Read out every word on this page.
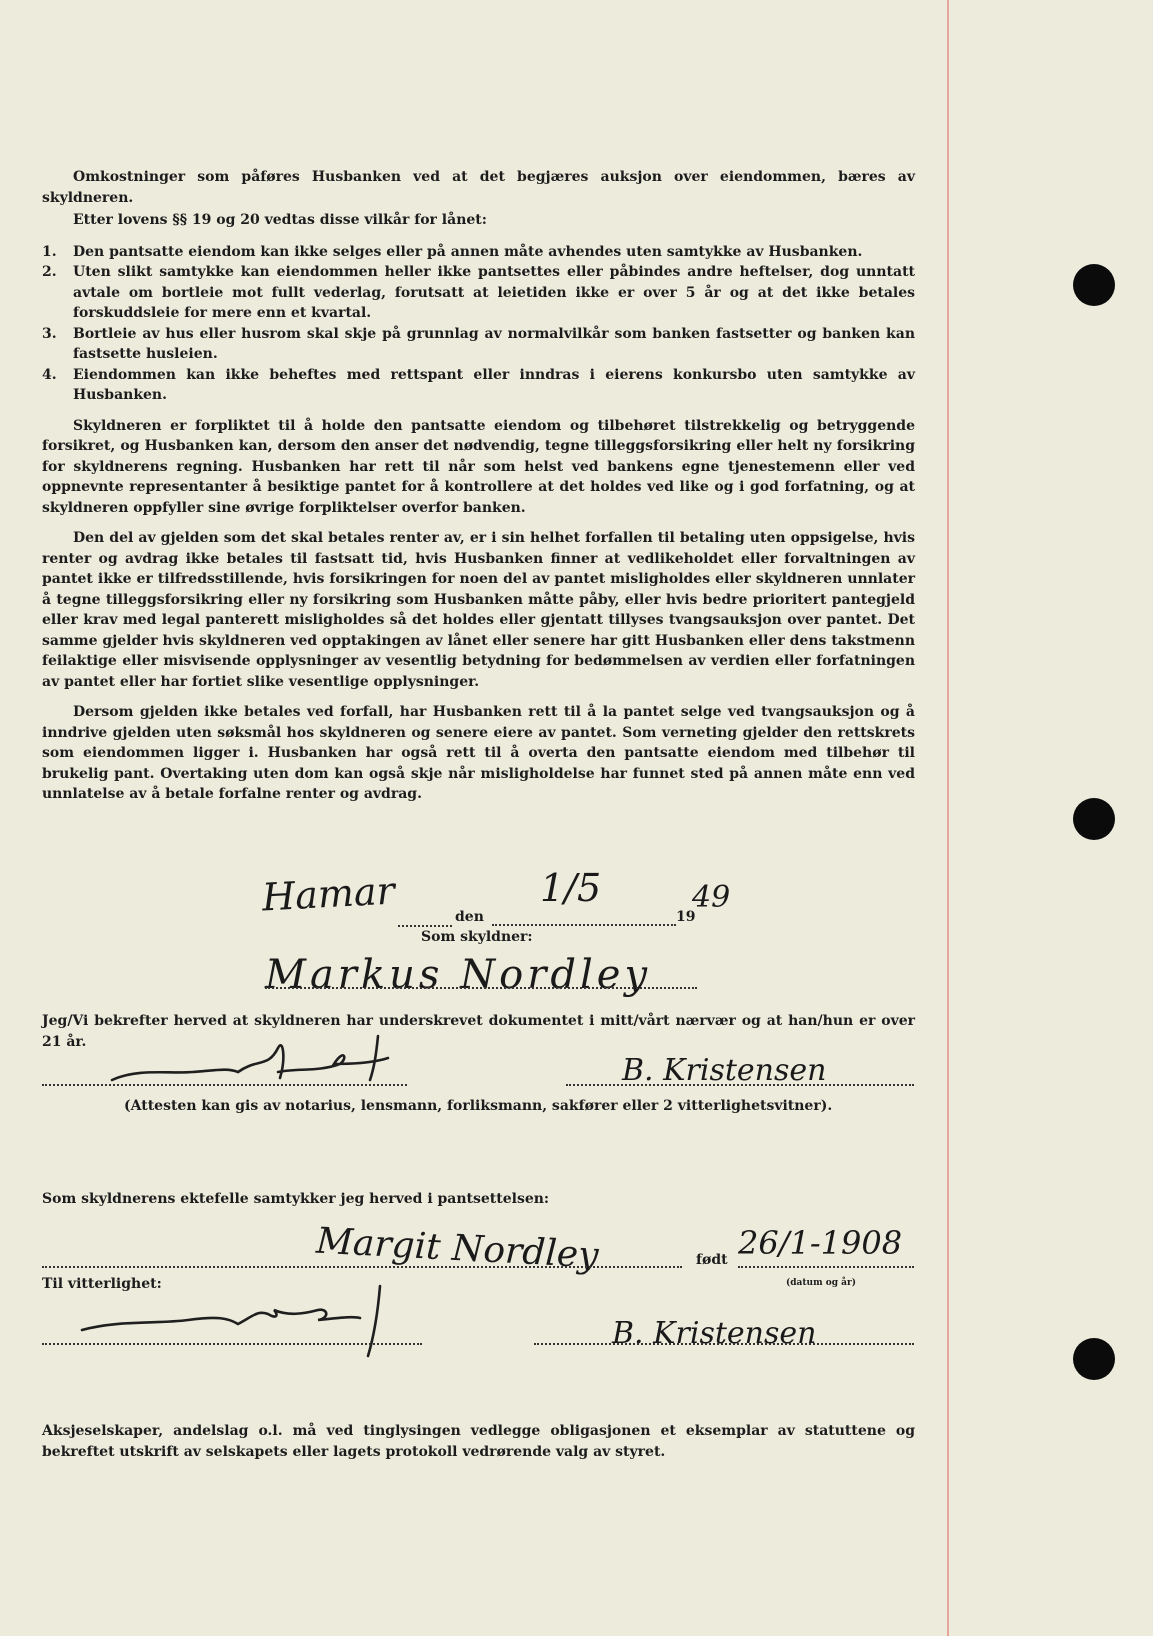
Omkostninger som påføres Husbanken ved at det begjæres auksjon over eiendommen, bæres av skyldneren.

Etter lovens §§ 19 og 20 vedtas disse vilkår for lånet:

1.	Den pantsatte eiendom kan ikke selges eller på annen måte avhendes uten samtykke av Husbanken.
2.	Uten slikt samtykke kan eiendommen heller ikke pantsettes eller påbindes andre heftelser, dog unntatt avtale om bortleie mot fullt vederlag, forutsatt at leietiden ikke er over 5 år og at det ikke betales forskuddsleie for mere enn et kvartal.
3.	Bortleie av hus eller husrom skal skje på grunnlag av normalvilkår som banken fastsetter og banken kan fastsette husleien.
4.	Eiendommen kan ikke beheftes med rettspant eller inndras i eierens konkursbo uten samtykke av Husbanken.

Skyldneren er forpliktet til å holde den pantsatte eiendom og tilbehøret tilstrekkelig og betryggende forsikret, og Husbanken kan, dersom den anser det nødvendig, tegne tilleggsforsikring eller helt ny forsikring for skyldnerens regning. Husbanken har rett til når som helst ved bankens egne tjenestemenn eller ved oppnevnte representanter å besiktige pantet for å kontrollere at det holdes ved like og i god forfatning, og at skyldneren oppfyller sine øvrige forpliktelser overfor banken.

Den del av gjelden som det skal betales renter av, er i sin helhet forfallen til betaling uten oppsigelse, hvis renter og avdrag ikke betales til fastsatt tid, hvis Husbanken finner at vedlikeholdet eller forvaltningen av pantet ikke er tilfredsstillende, hvis forsikringen for noen del av pantet misligholdes eller skyldneren unnlater å tegne tilleggsforsikring eller ny forsikring som Husbanken måtte påby, eller hvis bedre prioritert pantegjeld eller krav med legal panterett misligholdes så det holdes eller gjentatt tillyses tvangsauksjon over pantet. Det samme gjelder hvis skyldneren ved opptakingen av lånet eller senere har gitt Husbanken eller dens takstmenn feilaktige eller misvisende opplysninger av vesentlig betydning for bedømmelsen av verdien eller forfatningen av pantet eller har fortiet slike vesentlige opplysninger.

Dersom gjelden ikke betales ved forfall, har Husbanken rett til å la pantet selge ved tvangsauksjon og å inndrive gjelden uten søksmål hos skyldneren og senere eiere av pantet. Som verneting gjelder den rettskrets som eiendommen ligger i. Husbanken har også rett til å overta den pantsatte eiendom med tilbehør til brukelig pant. Overtaking uten dom kan også skje når misligholdelse har funnet sted på annen måte enn ved unnlatelse av å betale forfalne renter og avdrag.

Hamar	den
1/5
19
49
Som skyldner:
Markus Nordley
Jeg/Vi bekrefter herved at skyldneren har underskrevet dokumentet i mitt/vårt nærvær og at han/hun er over 21 år.
B. Kristensen
(Attesten kan gis av notarius, lensmann, forliksmann, sakfører eller 2 vitterlighetsvitner).
Som skyldnerens ektefelle samtykker jeg herved i pantsettelsen:
Margit Nordley	født 26/1-1908
(datum og år)
Til vitterlighet:
B. Kristensen
Aksjeselskaper, andelslag o.l. må ved tinglysingen vedlegge obligasjonen et eksemplar av statuttene og bekreftet utskrift av selskapets eller lagets protokoll vedrørende valg av styret.
